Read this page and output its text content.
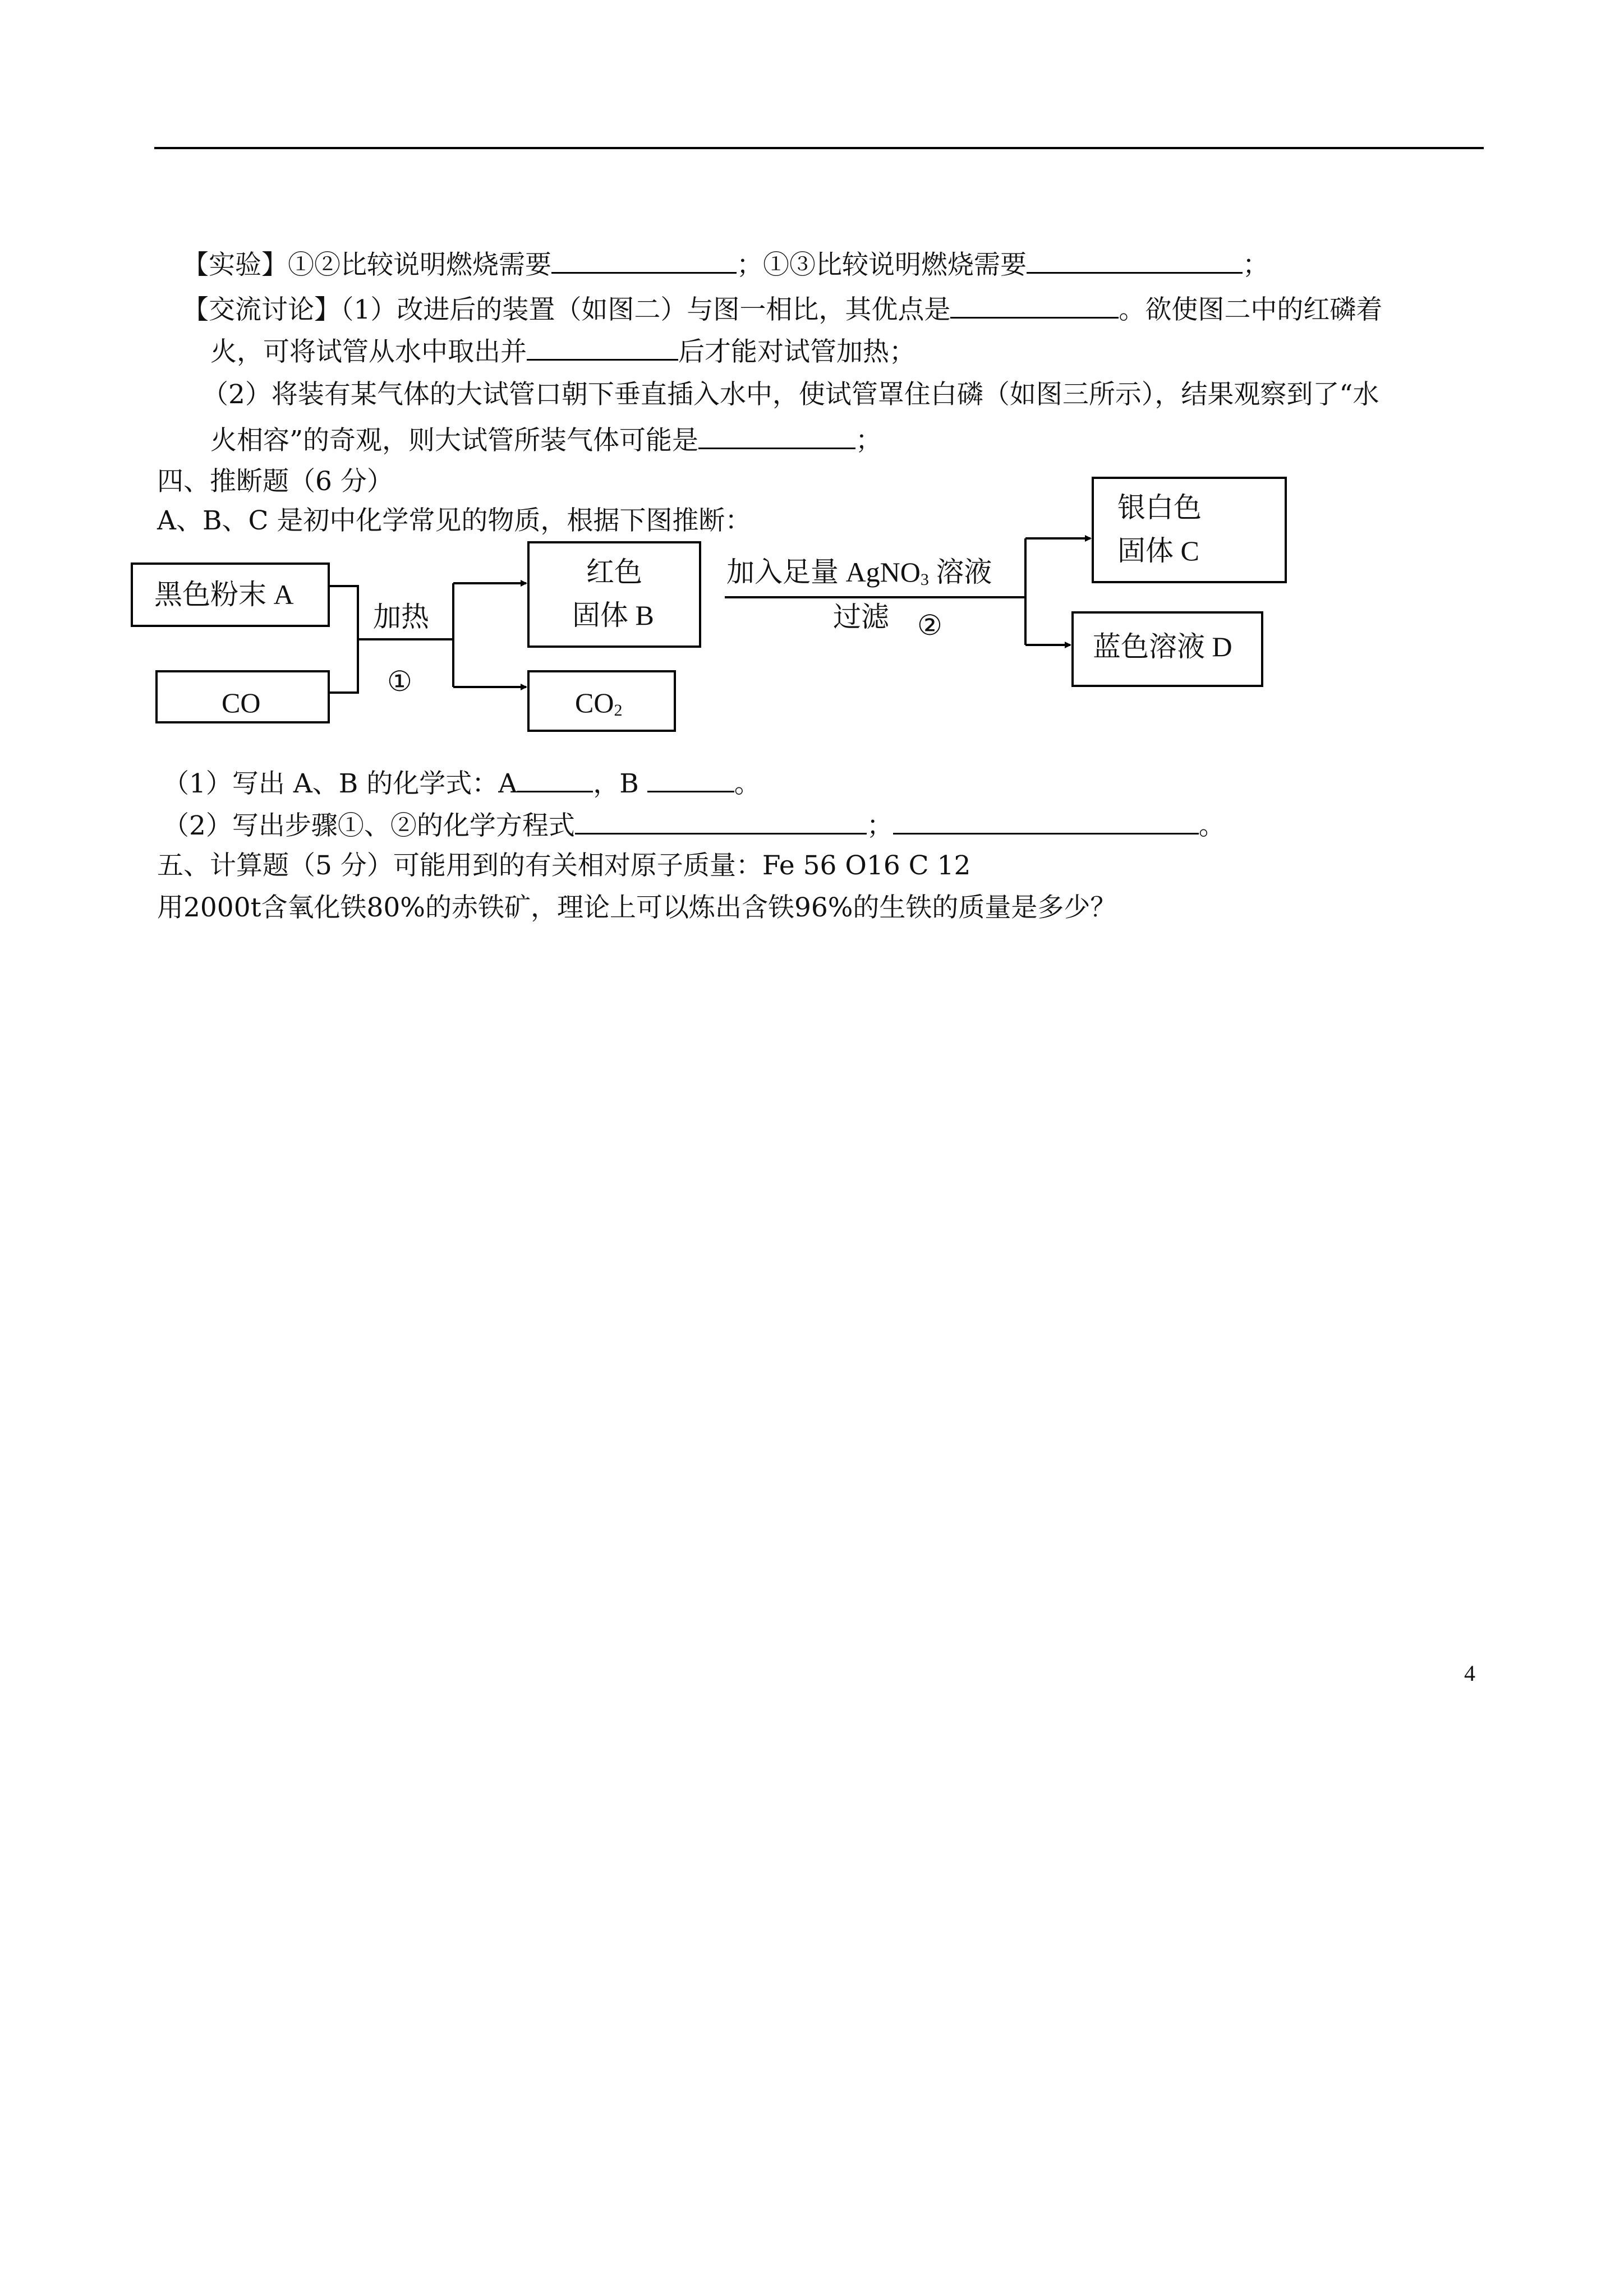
【实验】①②比较说明燃烧需要	；①③比较说明燃烧需要	；
【交流讨论】（1）改进后的装置（如图二）与图一相比，其优点是	。欲使图二中的红磷着
火，可将试管从水中取出并	后才能对试管加热；
（2）将装有某气体的大试管口朝下垂直插入水中，使试管罩住白磷（如图三所示），结果观察到了“水
火相容”的奇观，则大试管所装气体可能是	；
四、推断题（6 分）
A、B、C 是初中化学常见的物质，根据下图推断：
黑色粉末 A
CO
红色
固体 B
$CO_2$
银白色
固体 C
蓝色溶液 D
加热
①
加入足量 AgNO$_3$ 溶液
过滤 ②
（1）写出 A、B 的化学式：A	，B	。
（2）写出步骤①、②的化学方程式	；	。
五、计算题（5 分）可能用到的有关相对原子质量：Fe 56 O16 C 12
用2000t含氧化铁80%的赤铁矿，理论上可以炼出含铁96%的生铁的质量是多少？
4
